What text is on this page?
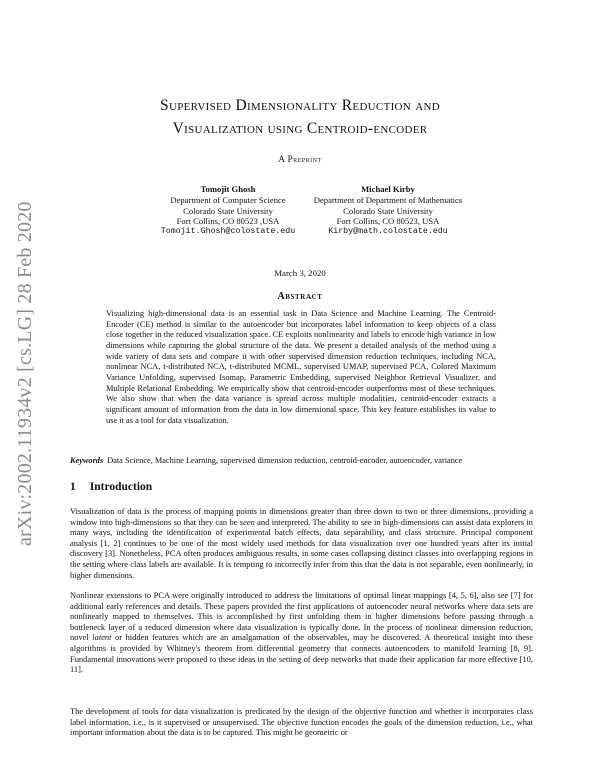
arXiv:2002.11934v2 [cs.LG] 28 Feb 2020
Supervised Dimensionality Reduction and
Visualization using Centroid-encoder
A Preprint
Tomojit Ghosh
Department of Computer Science
Colorado State University
Fort Collins, CO 80523 ,USA
Tomojit.Ghosh@colostate.edu
Michael Kirby
Department of Department of Mathematics
Colorado State University
Fort Collins, CO 80523, USA
Kirby@math.colostate.edu
March 3, 2020
Abstract
Visualizing high-dimensional data is an essential task in Data Science and Machine Learning. The Centroid-Encoder (CE) method is similar to the autoencoder but incorporates label information to keep objects of a class close together in the reduced visualization space. CE exploits nonlinearity and labels to encode high variance in low dimensions while capturing the global structure of the data. We present a detailed analysis of the method using a wide variety of data sets and compare it with other supervised dimension reduction techniques, including NCA, nonlinear NCA, t-distributed NCA, t-distributed MCML, supervised UMAP, supervised PCA, Colored Maximum Variance Unfolding, supervised Isomap, Parametric Embedding, supervised Neighbor Retrieval Visualizer, and Multiple Relational Embedding. We empirically show that centroid-encoder outperforms most of these techniques. We also show that when the data variance is spread across multiple modalities, centroid-encoder extracts a significant amount of information from the data in low dimensional space. This key feature establishes its value to use it as a tool for data visualization.
Keywords Data Science, Machine Learning, supervised dimension reduction, centroid-encoder, autoencoder, variance
1 Introduction
Visualization of data is the process of mapping points in dimensions greater than three down to two or three dimensions, providing a window into high-dimensions so that they can be seen and interpreted. The ability to see in high-dimensions can assist data explorers in many ways, including the identification of experimental batch effects, data separability, and class structure. Principal component analysis [1, 2] continues to be one of the most widely used methods for data visualization over one hundred years after its initial discovery [3]. Nonetheless, PCA often produces ambiguous results, in some cases collapsing distinct classes into overlapping regions in the setting where class labels are available. It is tempting to incorrectly infer from this that the data is not separable, even nonlinearly, in higher dimensions.
Nonlinear extensions to PCA were originally introduced to address the limitations of optimal linear mappings [4, 5, 6], also see [7] for additional early references and details. These papers provided the first applications of autoencoder neural networks where data sets are nonlinearly mapped to themselves. This is accomplished by first unfolding them in higher dimensions before passing through a bottleneck layer of a reduced dimension where data visualization is typically done. In the process of nonlinear dimension reduction, novel latent or hidden features which are an amalgamation of the observables, may be discovered. A theoretical insight into these algorithms is provided by Whitney's theorem from differential geometry that connects autoencoders to manifold learning [8, 9]. Fundamental innovations were proposed to these ideas in the setting of deep networks that made their application far more effective [10, 11].
The development of tools for data visualization is predicated by the design of the objective function and whether it incorporates class label information, i.e., is it supervised or unsupervised. The objective function encodes the goals of the dimension reduction, i.e., what important information about the data is to be captured. This might be geometric or
